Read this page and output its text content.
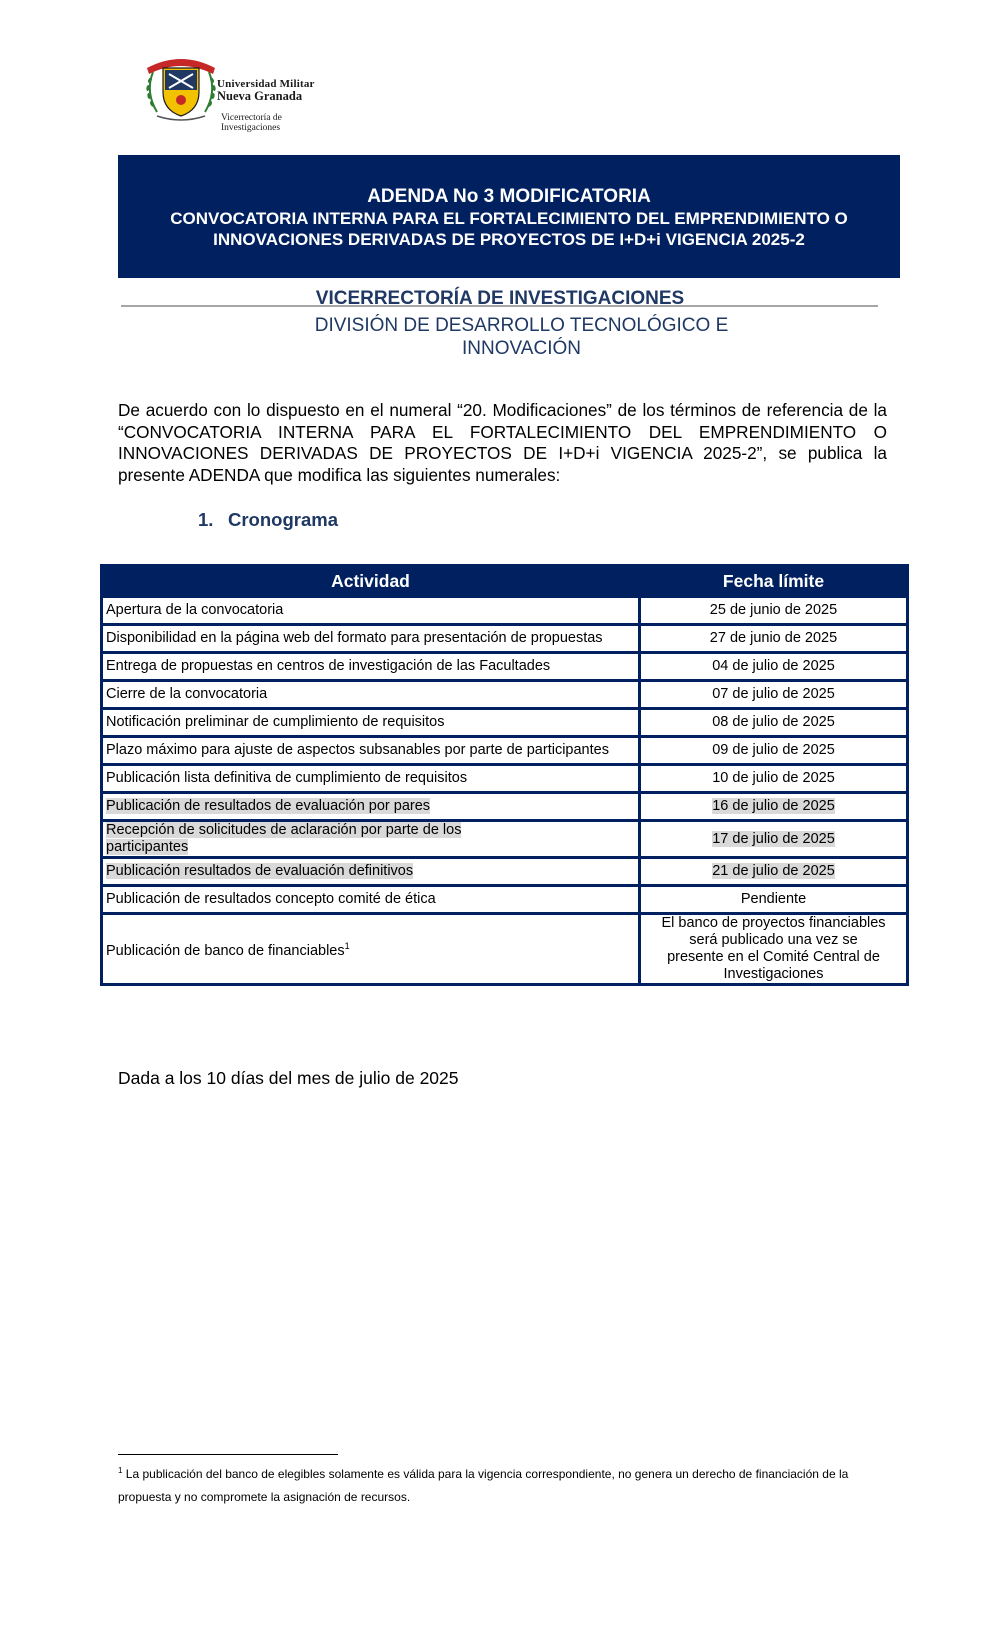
Universidad Militar
Nueva Granada
Vicerrectoría de Investigaciones
ADENDA No 3 MODIFICATORIA
CONVOCATORIA INTERNA PARA EL FORTALECIMIENTO DEL EMPRENDIMIENTO O
INNOVACIONES DERIVADAS DE PROYECTOS DE I+D+i VIGENCIA 2025-2
VICERRECTORÍA DE INVESTIGACIONES
DIVISIÓN DE DESARROLLO TECNOLÓGICO E
INNOVACIÓN
De acuerdo con lo dispuesto en el numeral “20. Modificaciones” de los términos de referencia de la “CONVOCATORIA INTERNA PARA EL FORTALECIMIENTO DEL EMPRENDIMIENTO O INNOVACIONES DERIVADAS DE PROYECTOS DE I+D+i VIGENCIA 2025-2”, se publica la presente ADENDA que modifica las siguientes numerales:
1. Cronograma
Actividad	Fecha límite
Apertura de la convocatoria	25 de junio de 2025
Disponibilidad en la página web del formato para presentación de propuestas	27 de junio de 2025
Entrega de propuestas en centros de investigación de las Facultades	04 de julio de 2025
Cierre de la convocatoria	07 de julio de 2025
Notificación preliminar de cumplimiento de requisitos	08 de julio de 2025
Plazo máximo para ajuste de aspectos subsanables por parte de participantes	09 de julio de 2025
Publicación lista definitiva de cumplimiento de requisitos	10 de julio de 2025
Publicación de resultados de evaluación por pares	16 de julio de 2025
Recepción de solicitudes de aclaración por parte de los
participantes	17 de julio de 2025
Publicación resultados de evaluación definitivos	21 de julio de 2025
Publicación de resultados concepto comité de ética	Pendiente
Publicación de banco de financiables$^1$	El banco de proyectos financiables
será publicado una vez se
presente en el Comité Central de
Investigaciones
Dada a los 10 días del mes de julio de 2025
$^1$ La publicación del banco de elegibles solamente es válida para la vigencia correspondiente, no genera un derecho de financiación de la propuesta y no compromete la asignación de recursos.
